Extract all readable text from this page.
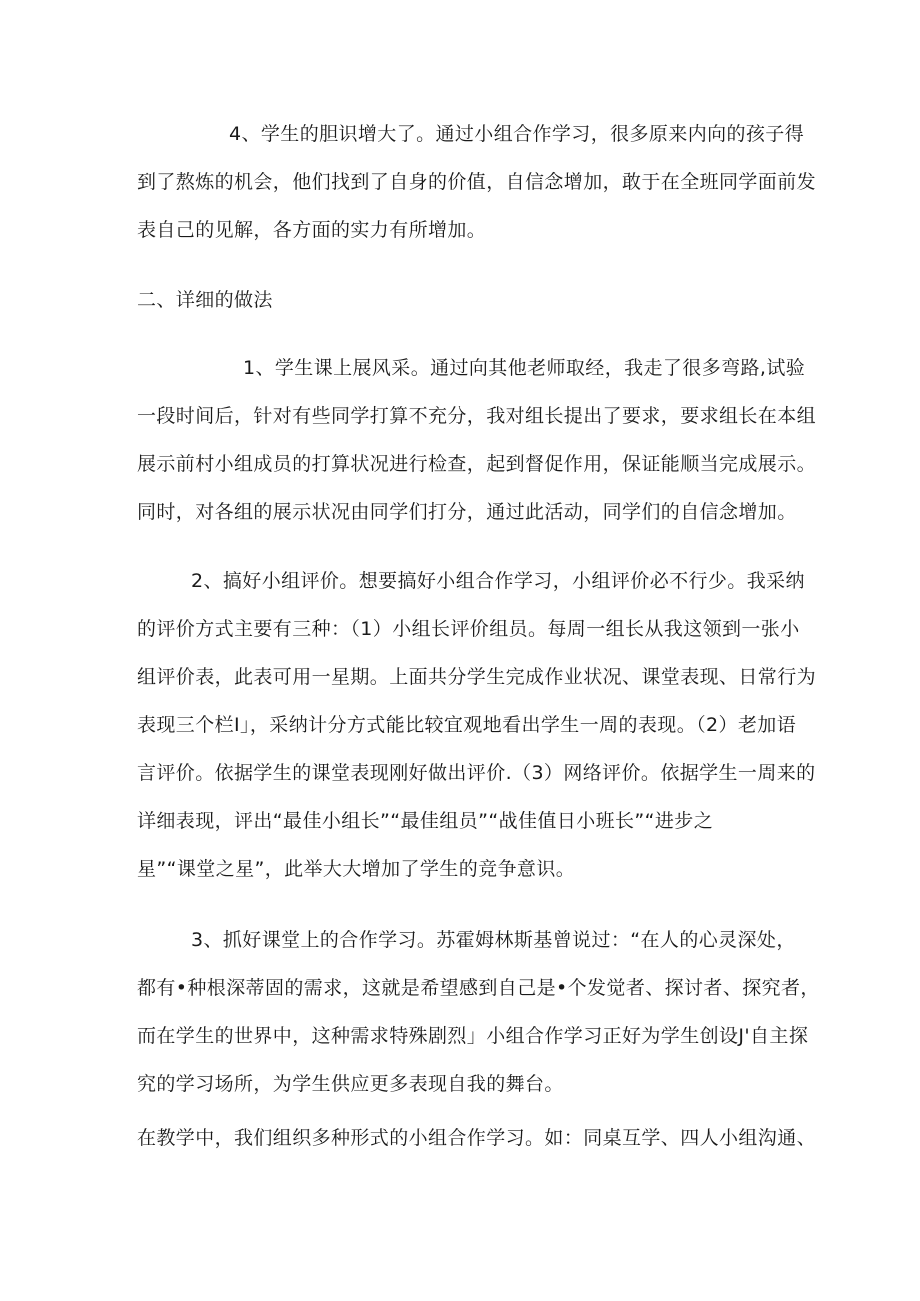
4、学生的胆识增大了。通过小组合作学习，很多原来内向的孩子得
到了熬炼的机会，他们找到了自身的价值，自信念增加，敢于在全班同学面前发
表自己的见解，各方面的实力有所增加。
二、详细的做法
1、学生课上展风采。通过向其他老师取经，我走了很多弯路,试验
一段时间后，针对有些同学打算不充分，我对组长提出了要求，要求组长在本组
展示前村小组成员的打算状况进行检查，起到督促作用，保证能顺当完成展示。
同时，对各组的展示状况由同学们打分，通过此活动，同学们的自信念增加。
2、搞好小组评价。想要搞好小组合作学习，小组评价必不行少。我采纳
的评价方式主要有三种：（1）小组长评价组员。每周一组长从我这领到一张小
组评价表，此表可用一星期。上面共分学生完成作业状况、课堂表现、日常行为
表现三个栏Ⅰ」，采纳计分方式能比较宜观地看出学生一周的表现。（2）老加语
言评价。依据学生的课堂表现刚好做出评价.（3）网络评价。依据学生一周来的
详细表现，评出“最佳小组长”“最佳组员”“战佳值日小班长”“进步之
星”“课堂之星”，此举大大增加了学生的竞争意识。
3、抓好课堂上的合作学习。苏霍姆林斯基曾说过：“在人的心灵深处，
都有•种根深蒂固的需求，这就是希望感到自己是•个发觉者、探讨者、探究者，
而在学生的世界中，这种需求特殊剧烈」小组合作学习正好为学生创设J'自主探
究的学习场所，为学生供应更多表现自我的舞台。
在教学中，我们组织多种形式的小组合作学习。如：同桌互学、四人小组沟通、
